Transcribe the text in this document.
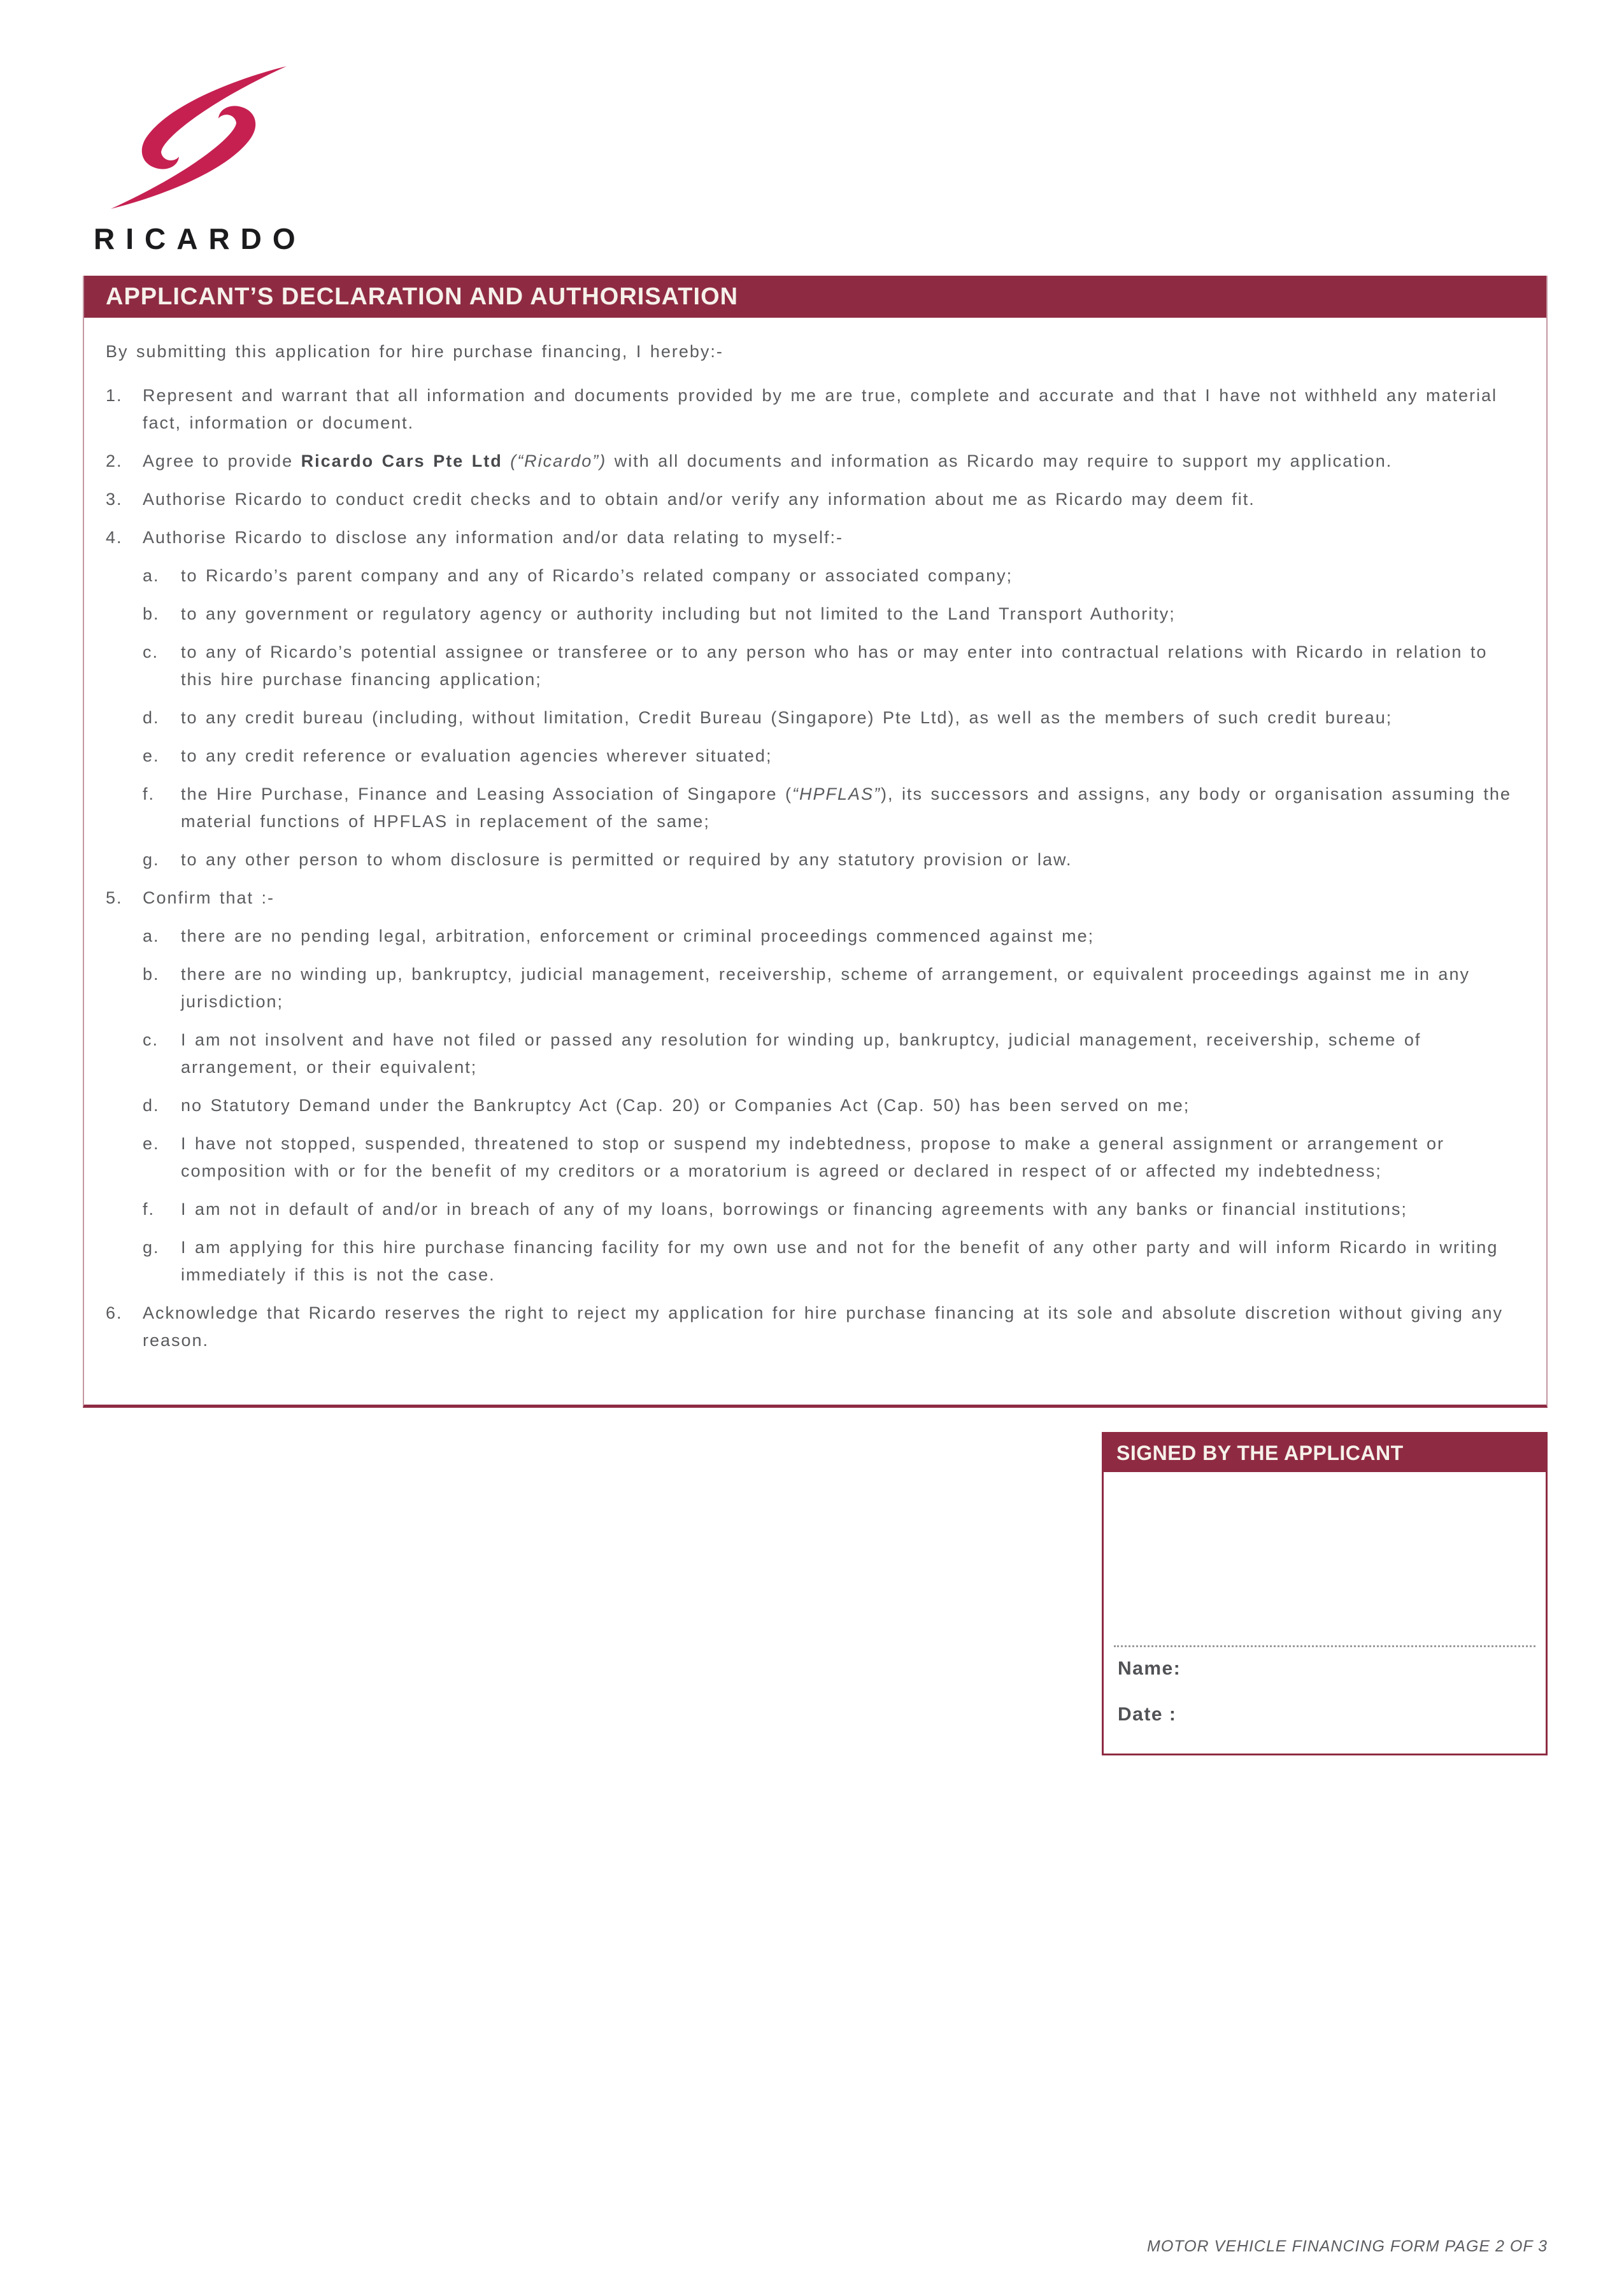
RICARDO
APPLICANT’S DECLARATION AND AUTHORISATION

By submitting this application for hire purchase financing, I hereby:-

1.	Represent and warrant that all information and documents provided by me are true, complete and accurate and that I have not withheld any material fact, information or document.
2.	Agree to provide Ricardo Cars Pte Ltd (“Ricardo”) with all documents and information as Ricardo may require to support my application.
3.	Authorise Ricardo to conduct credit checks and to obtain and/or verify any information about me as Ricardo may deem fit.
4.	Authorise Ricardo to disclose any information and/or data relating to myself:-
a.	to Ricardo’s parent company and any of Ricardo’s related company or associated company;
b.	to any government or regulatory agency or authority including but not limited to the Land Transport Authority;
c.	to any of Ricardo’s potential assignee or transferee or to any person who has or may enter into contractual relations with Ricardo in relation to this hire purchase financing application;
d.	to any credit bureau (including, without limitation, Credit Bureau (Singapore) Pte Ltd), as well as the members of such credit bureau;
e.	to any credit reference or evaluation agencies wherever situated;
f.	the Hire Purchase, Finance and Leasing Association of Singapore (“HPFLAS”), its successors and assigns, any body or organisation assuming the material functions of HPFLAS in replacement of the same;
g.	to any other person to whom disclosure is permitted or required by any statutory provision or law.
5.	Confirm that :-
a.	there are no pending legal, arbitration, enforcement or criminal proceedings commenced against me;
b.	there are no winding up, bankruptcy, judicial management, receivership, scheme of arrangement, or equivalent proceedings against me in any jurisdiction;
c.	I am not insolvent and have not filed or passed any resolution for winding up, bankruptcy, judicial management, receivership, scheme of arrangement, or their equivalent;
d.	no Statutory Demand under the Bankruptcy Act (Cap. 20) or Companies Act (Cap. 50) has been served on me;
e.	I have not stopped, suspended, threatened to stop or suspend my indebtedness, propose to make a general assignment or arrangement or composition with or for the benefit of my creditors or a moratorium is agreed or declared in respect of or affected my indebtedness;
f.	I am not in default of and/or in breach of any of my loans, borrowings or financing agreements with any banks or financial institutions;
g.	I am applying for this hire purchase financing facility for my own use and not for the benefit of any other party and will inform Ricardo in writing immediately if this is not the case.
6.	Acknowledge that Ricardo reserves the right to reject my application for hire purchase financing at its sole and absolute discretion without giving any reason.
SIGNED BY THE APPLICANT
Name:
Date :
MOTOR VEHICLE FINANCING FORM PAGE 2 OF 3
